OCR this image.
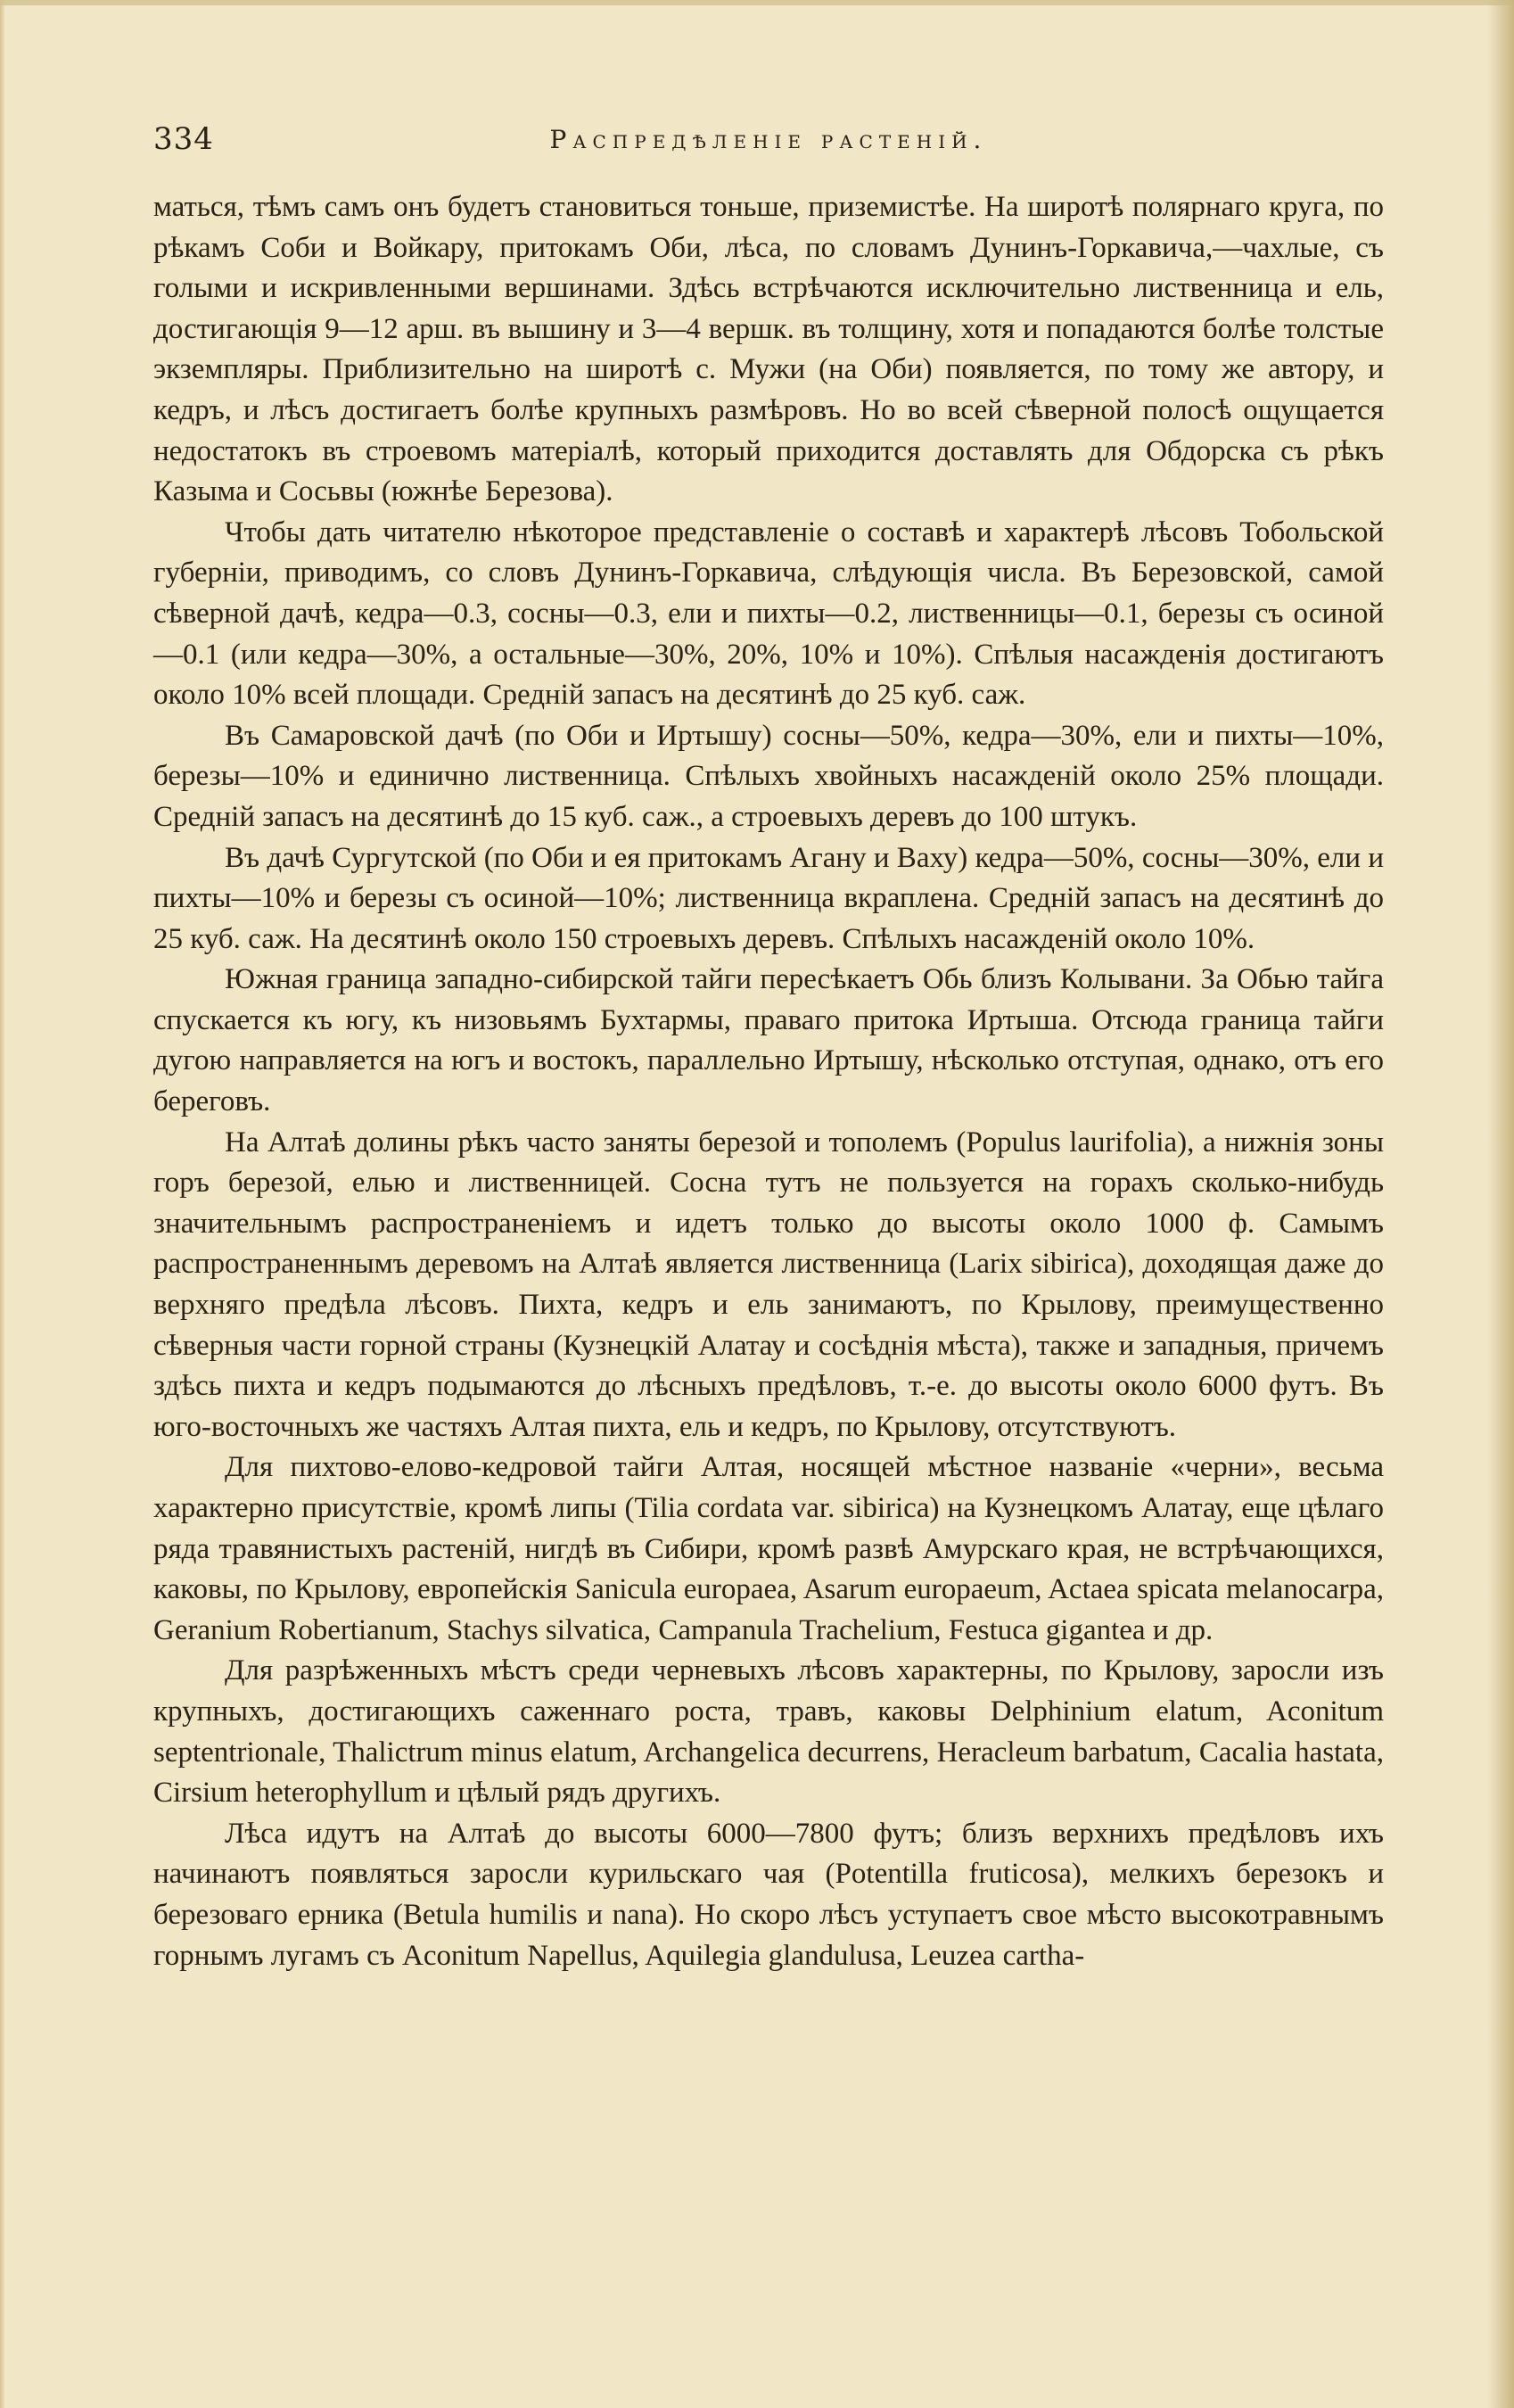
334	Распредѣленіе растеній.

маться, тѣмъ самъ онъ будетъ становиться тоньше, приземистѣе. На широтѣ полярнаго круга, по рѣкамъ Соби и Войкару, притокамъ Оби, лѣса, по словамъ Дунинъ-Горкавича,—чахлые, съ голыми и искривленными вершинами. Здѣсь встрѣчаются исключительно лиственница и ель, достигающія 9—12 арш. въ вышину и 3—4 вершк. въ толщину, хотя и попадаются болѣе толстые экземпляры. Приблизительно на широтѣ с. Мужи (на Оби) появляется, по тому же автору, и кедръ, и лѣсъ достигаетъ болѣе крупныхъ размѣровъ. Но во всей сѣверной полосѣ ощущается недостатокъ въ строевомъ матеріалѣ, который приходится доставлять для Обдорска съ рѣкъ Казыма и Сосьвы (южнѣе Березова).

Чтобы дать читателю нѣкоторое представленіе о составѣ и характерѣ лѣсовъ Тобольской губерніи, приводимъ, со словъ Дунинъ-Горкавича, слѣдующія числа. Въ Березовской, самой сѣверной дачѣ, кедра—0.3, сосны—0.3, ели и пихты—0.2, лиственницы—0.1, березы съ осиной—0.1 (или кедра—30%, а остальные—30%, 20%, 10% и 10%). Спѣлыя насажденія достигаютъ около 10% всей площади. Средній запасъ на десятинѣ до 25 куб. саж.

Въ Самаровской дачѣ (по Оби и Иртышу) сосны—50%, кедра—30%, ели и пихты—10%, березы—10% и единично лиственница. Спѣлыхъ хвойныхъ насажденій около 25% площади. Средній запасъ на десятинѣ до 15 куб. саж., а строевыхъ деревъ до 100 штукъ.

Въ дачѣ Сургутской (по Оби и ея притокамъ Агану и Ваху) кедра—50%, сосны—30%, ели и пихты—10% и березы съ осиной—10%; лиственница вкраплена. Средній запасъ на десятинѣ до 25 куб. саж. На десятинѣ около 150 строевыхъ деревъ. Спѣлыхъ насажденій около 10%.

Южная граница западно-сибирской тайги пересѣкаетъ Обь близъ Колывани. За Обью тайга спускается къ югу, къ низовьямъ Бухтармы, праваго притока Иртыша. Отсюда граница тайги дугою направляется на югъ и востокъ, параллельно Иртышу, нѣсколько отступая, однако, отъ его береговъ.

На Алтаѣ долины рѣкъ часто заняты березой и тополемъ (Populus laurifolia), а нижнія зоны горъ березой, елью и лиственницей. Сосна тутъ не пользуется на горахъ сколько-нибудь значительнымъ распространеніемъ и идетъ только до высоты около 1000 ф. Самымъ распространеннымъ деревомъ на Алтаѣ является лиственница (Larix sibirica), доходящая даже до верхняго предѣла лѣсовъ. Пихта, кедръ и ель занимаютъ, по Крылову, преимущественно сѣверныя части горной страны (Кузнецкій Алатау и сосѣднія мѣста), также и западныя, причемъ здѣсь пихта и кедръ подымаются до лѣсныхъ предѣловъ, т.-е. до высоты около 6000 футъ. Въ юго-восточныхъ же частяхъ Алтая пихта, ель и кедръ, по Крылову, отсутствуютъ.

Для пихтово-елово-кедровой тайги Алтая, носящей мѣстное названіе «черни», весьма характерно присутствіе, кромѣ липы (Tilia cordata var. sibirica) на Кузнецкомъ Алатау, еще цѣлаго ряда травянистыхъ растеній, нигдѣ въ Сибири, кромѣ развѣ Амурскаго края, не встрѣчающихся, каковы, по Крылову, европейскія Sanicula europaea, Asarum europaeum, Actaea spicata melanocarpa, Geranium Robertianum, Stachys silvatica, Campanula Trachelium, Festuca gigantea и др.

Для разрѣженныхъ мѣстъ среди черневыхъ лѣсовъ характерны, по Крылову, заросли изъ крупныхъ, достигающихъ саженнаго роста, травъ, каковы Delphinium elatum, Aconitum septentrionale, Thalictrum minus elatum, Archangelica decurrens, Heracleum barbatum, Cacalia hastata, Cirsium heterophyllum и цѣлый рядъ другихъ.

Лѣса идутъ на Алтаѣ до высоты 6000—7800 футъ; близъ верхнихъ предѣловъ ихъ начинаютъ появляться заросли курильскаго чая (Potentilla fruticosa), мелкихъ березокъ и березоваго ерника (Betula humilis и nana). Но скоро лѣсъ уступаетъ свое мѣсто высокотравнымъ горнымъ лугамъ съ Aconitum Napellus, Aquilegia glandulusa, Leuzea cartha-
